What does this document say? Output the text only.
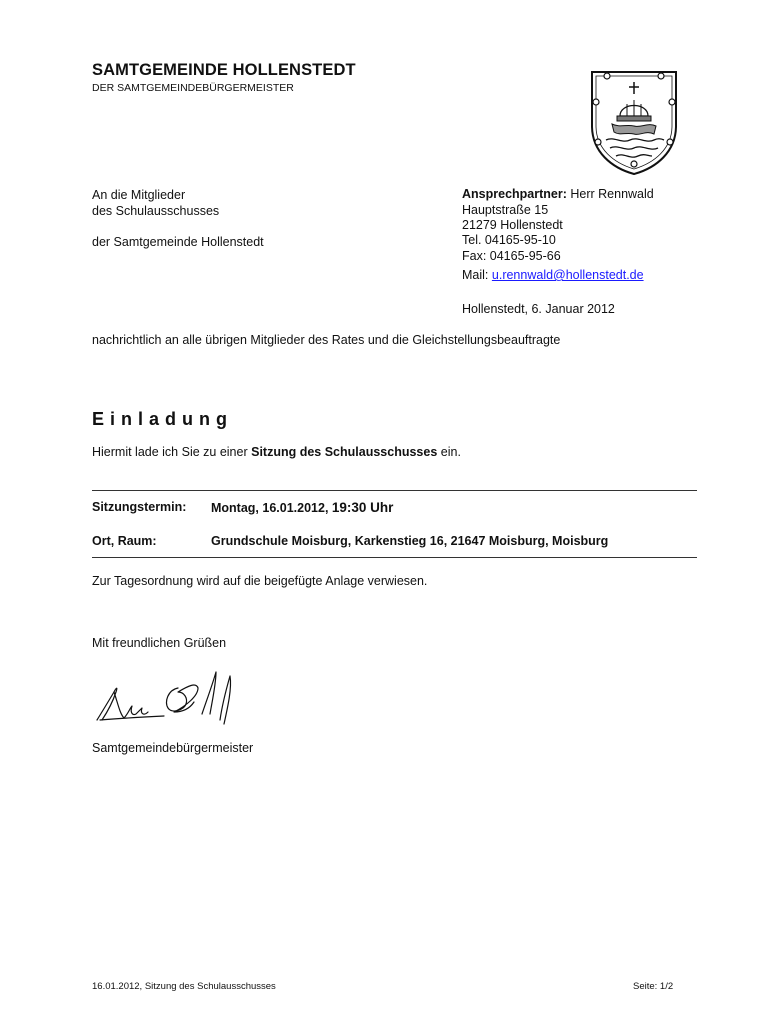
SAMTGEMEINDE HOLLENSTEDT
DER SAMTGEMEINDEBÜRGERMEISTER
An die Mitglieder
des Schulausschusses
der Samtgemeinde Hollenstedt
Ansprechpartner: Herr Rennwald
Hauptstraße 15
21279 Hollenstedt
Tel. 04165-95-10
Fax: 04165-95-66
Mail: u.rennwald@hollenstedt.de
Hollenstedt, 6. Januar 2012
nachrichtlich an alle übrigen Mitglieder des Rates und die Gleichstellungsbeauftragte
Einladung
Hiermit lade ich Sie zu einer Sitzung des Schulausschusses ein.
Sitzungstermin: Montag, 16.01.2012, 19:30 Uhr
Ort, Raum:	Grundschule Moisburg, Karkenstieg 16, 21647 Moisburg, Moisburg
Zur Tagesordnung wird auf die beigefügte Anlage verwiesen.
Mit freundlichen Grüßen
Samtgemeindebürgermeister
16.01.2012, Sitzung des Schulausschusses	Seite: 1/2
